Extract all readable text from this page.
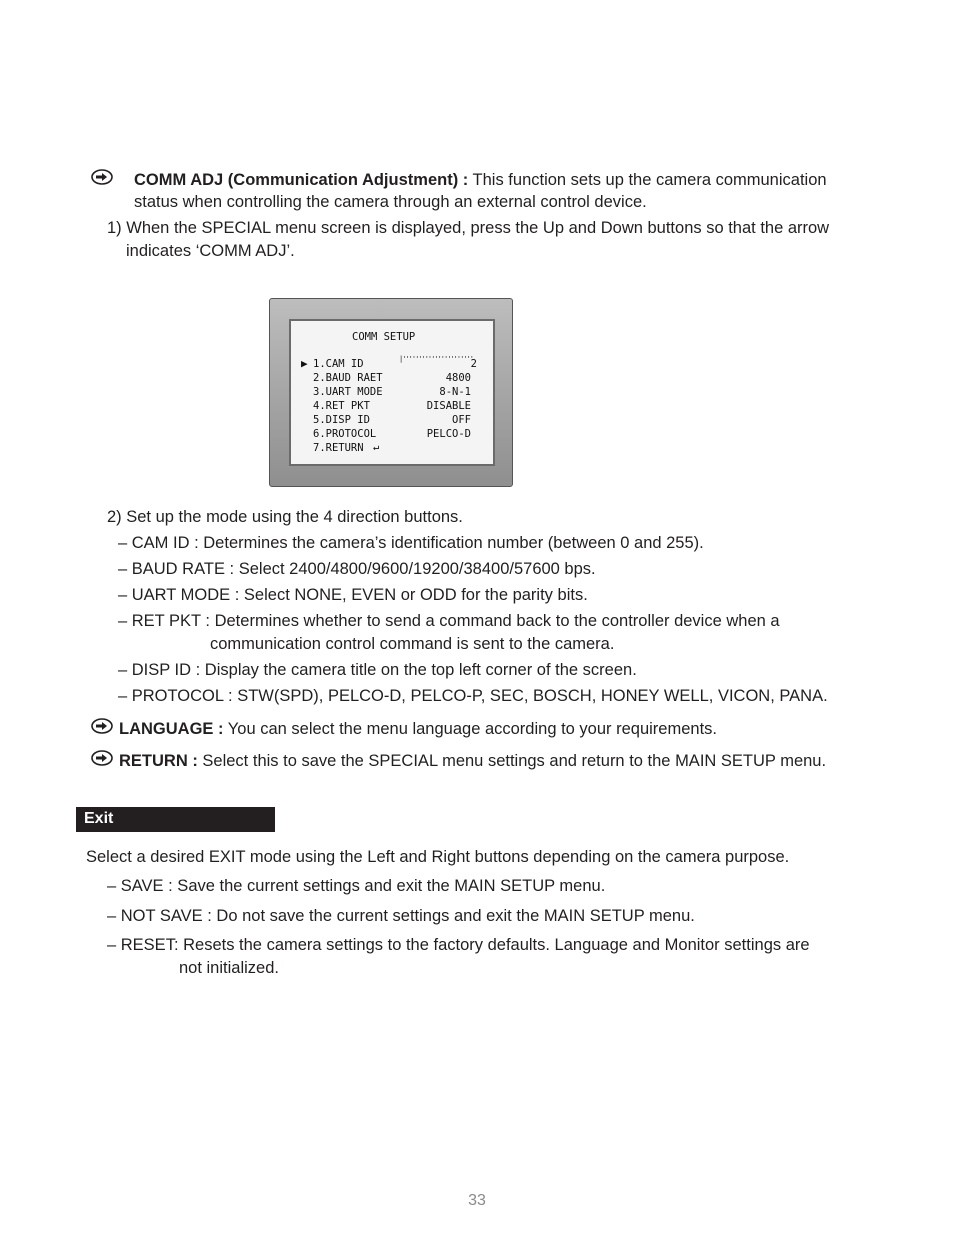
COMM ADJ (Communication Adjustment) : This function sets up the camera communication
status when controlling the camera through an external control device.
1) When the SPECIAL menu screen is displayed, press the Up and Down buttons so that the arrow
indicates ‘COMM ADJ’.
COMM SETUP
▶	|''''''''''''''''''''''
1.CAM ID	2
2.BAUD RAET	4800
3.UART MODE	8-N-1
4.RET PKT	DISABLE
5.DISP ID	OFF
6.PROTOCOL	PELCO-D
7.RETURN ↵
2) Set up the mode using the 4 direction buttons.
– CAM ID : Determines the camera’s identification number (between 0 and 255).
– BAUD RATE : Select 2400/4800/9600/19200/38400/57600 bps.
– UART MODE : Select NONE, EVEN or ODD for the parity bits.
– RET PKT : Determines whether to send a command back to the controller device when a
communication control command is sent to the camera.
– DISP ID : Display the camera title on the top left corner of the screen.
– PROTOCOL : STW(SPD), PELCO-D, PELCO-P, SEC, BOSCH, HONEY WELL, VICON, PANA.
LANGUAGE : You can select the menu language according to your requirements.
RETURN : Select this to save the SPECIAL menu settings and return to the MAIN SETUP menu.
Exit
Select a desired EXIT mode using the Left and Right buttons depending on the camera purpose.
– SAVE : Save the current settings and exit the MAIN SETUP menu.
– NOT SAVE : Do not save the current settings and exit the MAIN SETUP menu.
– RESET: Resets the camera settings to the factory defaults. Language and Monitor settings are
not initialized.
33
